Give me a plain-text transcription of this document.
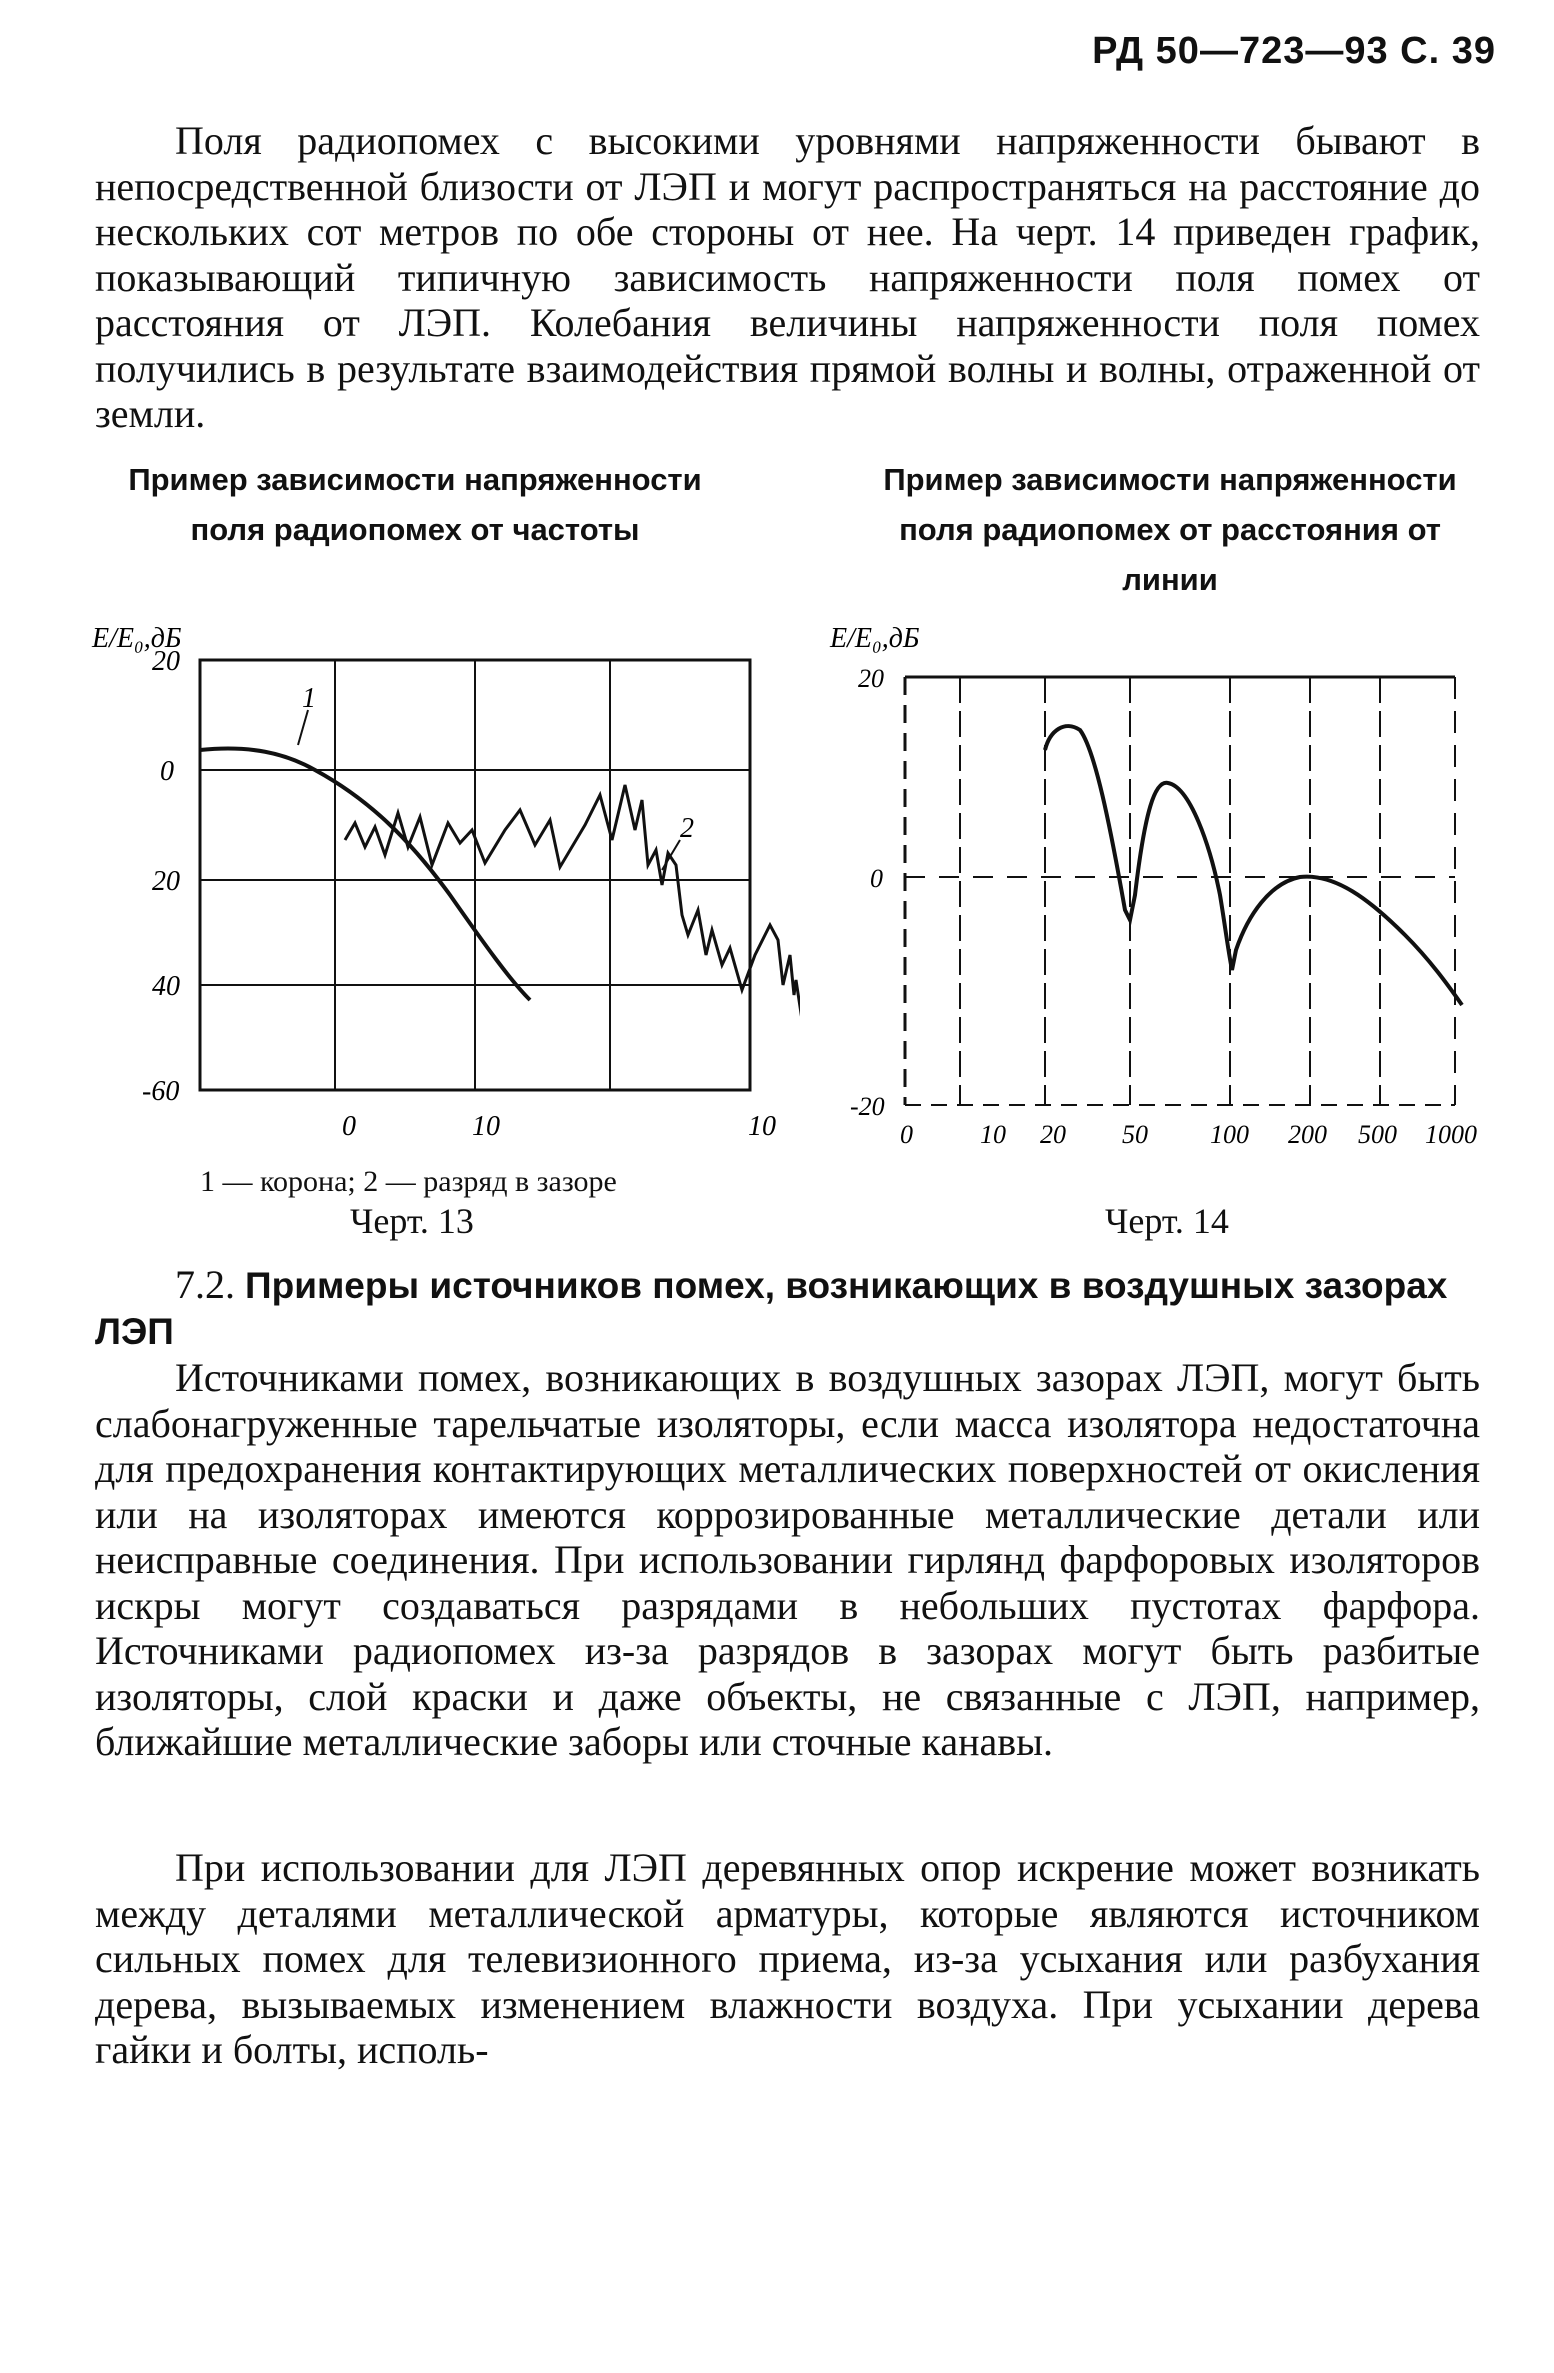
РД 50—723—93 С. 39
Поля радиопомех с высокими уровнями напряженности бывают в непосредственной близости от ЛЭП и могут распространяться на расстояние до нескольких сот метров по обе стороны от нее. На черт. 14 приведен график, показывающий типичную зависимость напряженности поля помех от расстояния от ЛЭП. Колебания величины напряженности поля помех получились в результате взаимодействия прямой волны и волны, отраженной от земли.
Пример зависимости напряженности
поля радиопомех от частоты
Пример зависимости напряженности
поля радиопомех от расстояния от
линии
E/E₀,дБ
20
0
20
40
-60
0	10	10
1
2
E/E₀,дБ
20
0
-20
0	10 20 50 100 200 500 1000
1 — корона; 2 — разряд в зазоре
Черт. 13	Черт. 14
7.2. Примеры источников помех, возникающих в воздушных зазорах ЛЭП
Источниками помех, возникающих в воздушных зазорах ЛЭП, могут быть слабонагруженные тарельчатые изоляторы, если масса изолятора недостаточна для предохранения контактирующих металлических поверхностей от окисления или на изоляторах имеются коррозированные металлические детали или неисправные соединения. При использовании гирлянд фарфоровых изоляторов искры могут создаваться разрядами в небольших пустотах фарфора. Источниками радиопомех из-за разрядов в зазорах могут быть разбитые изоляторы, слой краски и даже объекты, не связанные с ЛЭП, например, ближайшие металлические заборы или сточные канавы.
При использовании для ЛЭП деревянных опор искрение может возникать между деталями металлической арматуры, которые являются источником сильных помех для телевизионного приема, из-за усыхания или разбухания дерева, вызываемых изменением влажности воздуха. При усыхании дерева гайки и болты, исполь-
